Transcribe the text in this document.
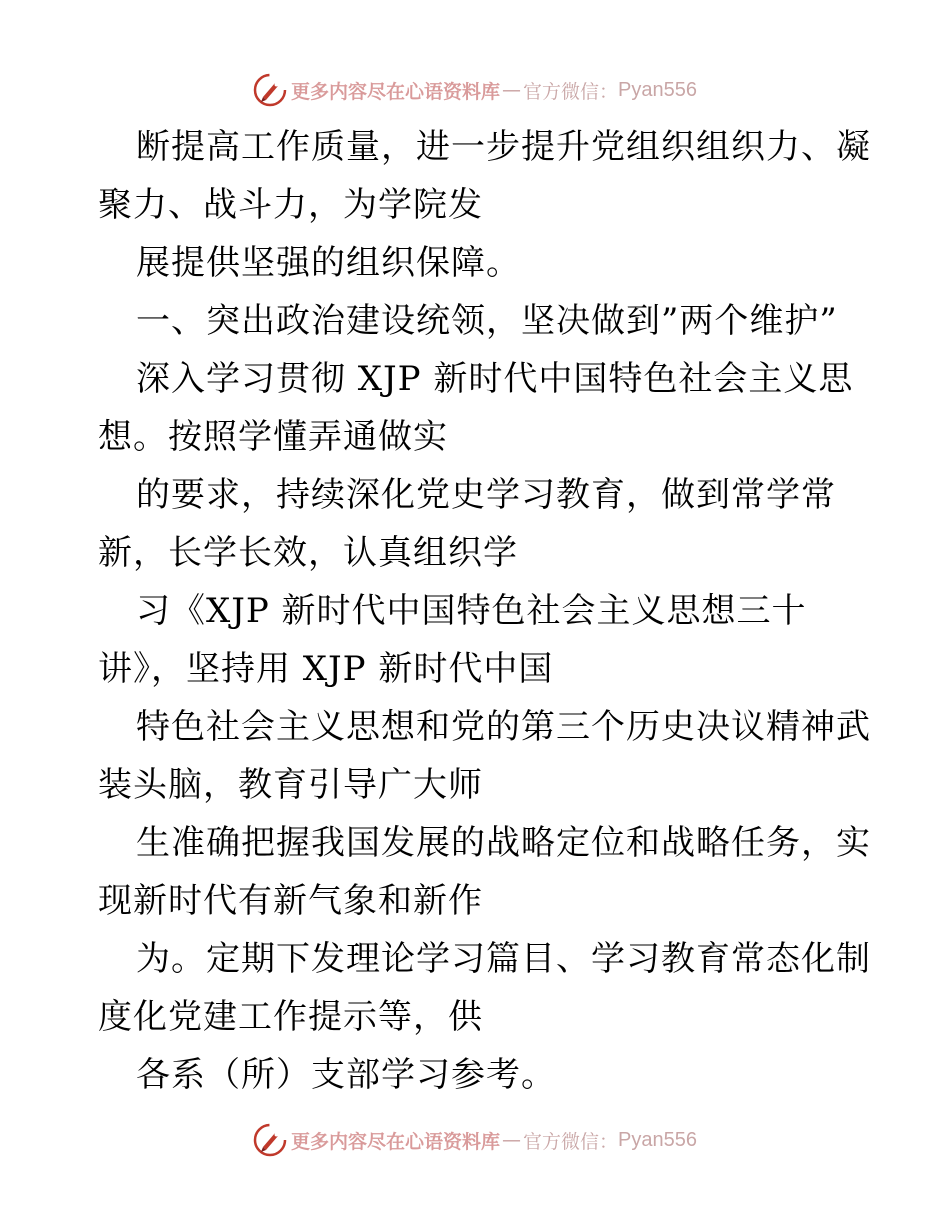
更多内容尽在心语资料库 — 官方微信： Pyan556
断提高工作质量，进一步提升党组织组织力、凝
聚力、战斗力，为学院发
展提供坚强的组织保障。
一、突出政治建设统领，坚决做到”两个维护”
深入学习贯彻 XJP 新时代中国特色社会主义思
想。按照学懂弄通做实
的要求，持续深化党史学习教育，做到常学常
新，长学长效，认真组织学
习《XJP 新时代中国特色社会主义思想三十
讲》，坚持用 XJP 新时代中国
特色社会主义思想和党的第三个历史决议精神武
装头脑，教育引导广大师
生准确把握我国发展的战略定位和战略任务，实
现新时代有新气象和新作
为。定期下发理论学习篇目、学习教育常态化制
度化党建工作提示等，供
各系（所）支部学习参考。
更多内容尽在心语资料库 — 官方微信： Pyan556
